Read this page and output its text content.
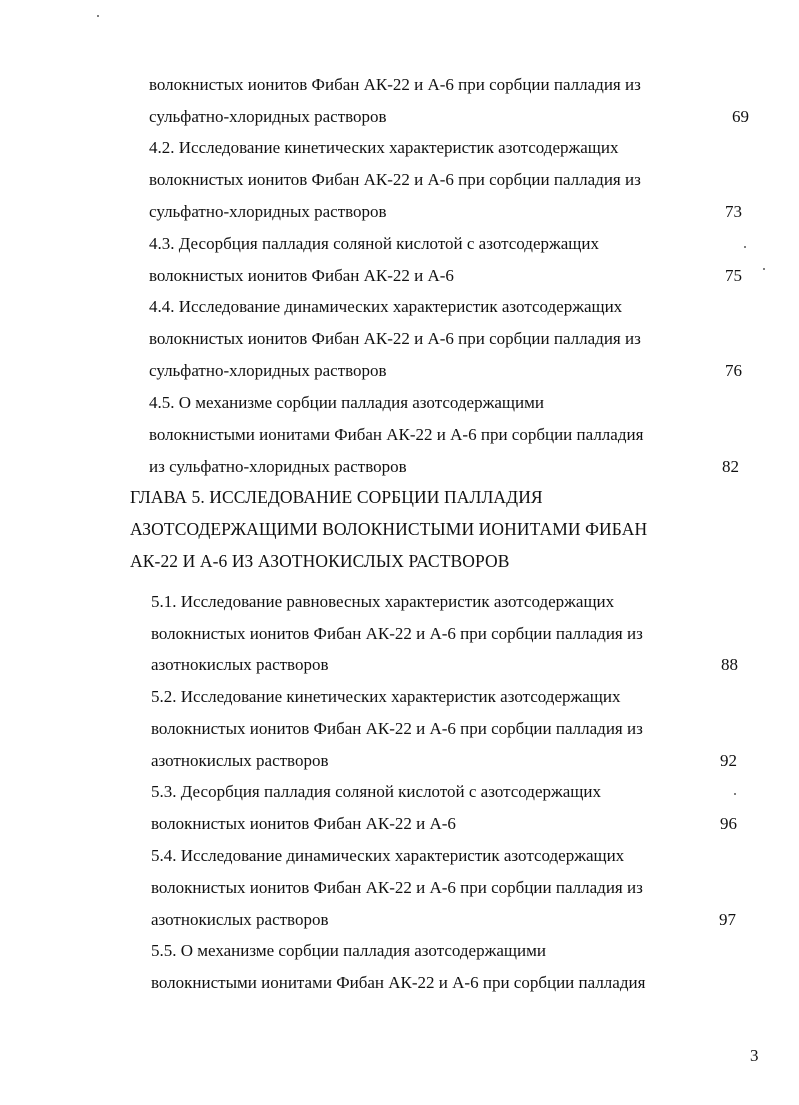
волокнистых ионитов Фибан АК-22 и А-6 при сорбции палладия из
сульфатно-хлоридных растворов	69
4.2. Исследование кинетических характеристик азотсодержащих
волокнистых ионитов Фибан АК-22 и А-6 при сорбции палладия из
сульфатно-хлоридных растворов	73
4.3. Десорбция палладия соляной кислотой с азотсодержащих
волокнистых ионитов Фибан АК-22 и А-6	75
4.4. Исследование динамических характеристик азотсодержащих
волокнистых ионитов Фибан АК-22 и А-6 при сорбции палладия из
сульфатно-хлоридных растворов	76
4.5. О механизме сорбции палладия азотсодержащими
волокнистыми ионитами Фибан АК-22 и А-6 при сорбции палладия
из сульфатно-хлоридных растворов	82
ГЛАВА 5. ИССЛЕДОВАНИЕ СОРБЦИИ ПАЛЛАДИЯ
АЗОТСОДЕРЖАЩИМИ ВОЛОКНИСТЫМИ ИОНИТАМИ ФИБАН
АК-22 И А-6 ИЗ АЗОТНОКИСЛЫХ РАСТВОРОВ
5.1. Исследование равновесных характеристик азотсодержащих
волокнистых ионитов Фибан АК-22 и А-6 при сорбции палладия из
азотнокислых растворов	88
5.2. Исследование кинетических характеристик азотсодержащих
волокнистых ионитов Фибан АК-22 и А-6 при сорбции палладия из
азотнокислых растворов	92
5.3. Десорбция палладия соляной кислотой с азотсодержащих
волокнистых ионитов Фибан АК-22 и А-6	96
5.4. Исследование динамических характеристик азотсодержащих
волокнистых ионитов Фибан АК-22 и А-6 при сорбции палладия из
азотнокислых растворов	97
5.5. О механизме сорбции палладия азотсодержащими
волокнистыми ионитами Фибан АК-22 и А-6 при сорбции палладия
3
